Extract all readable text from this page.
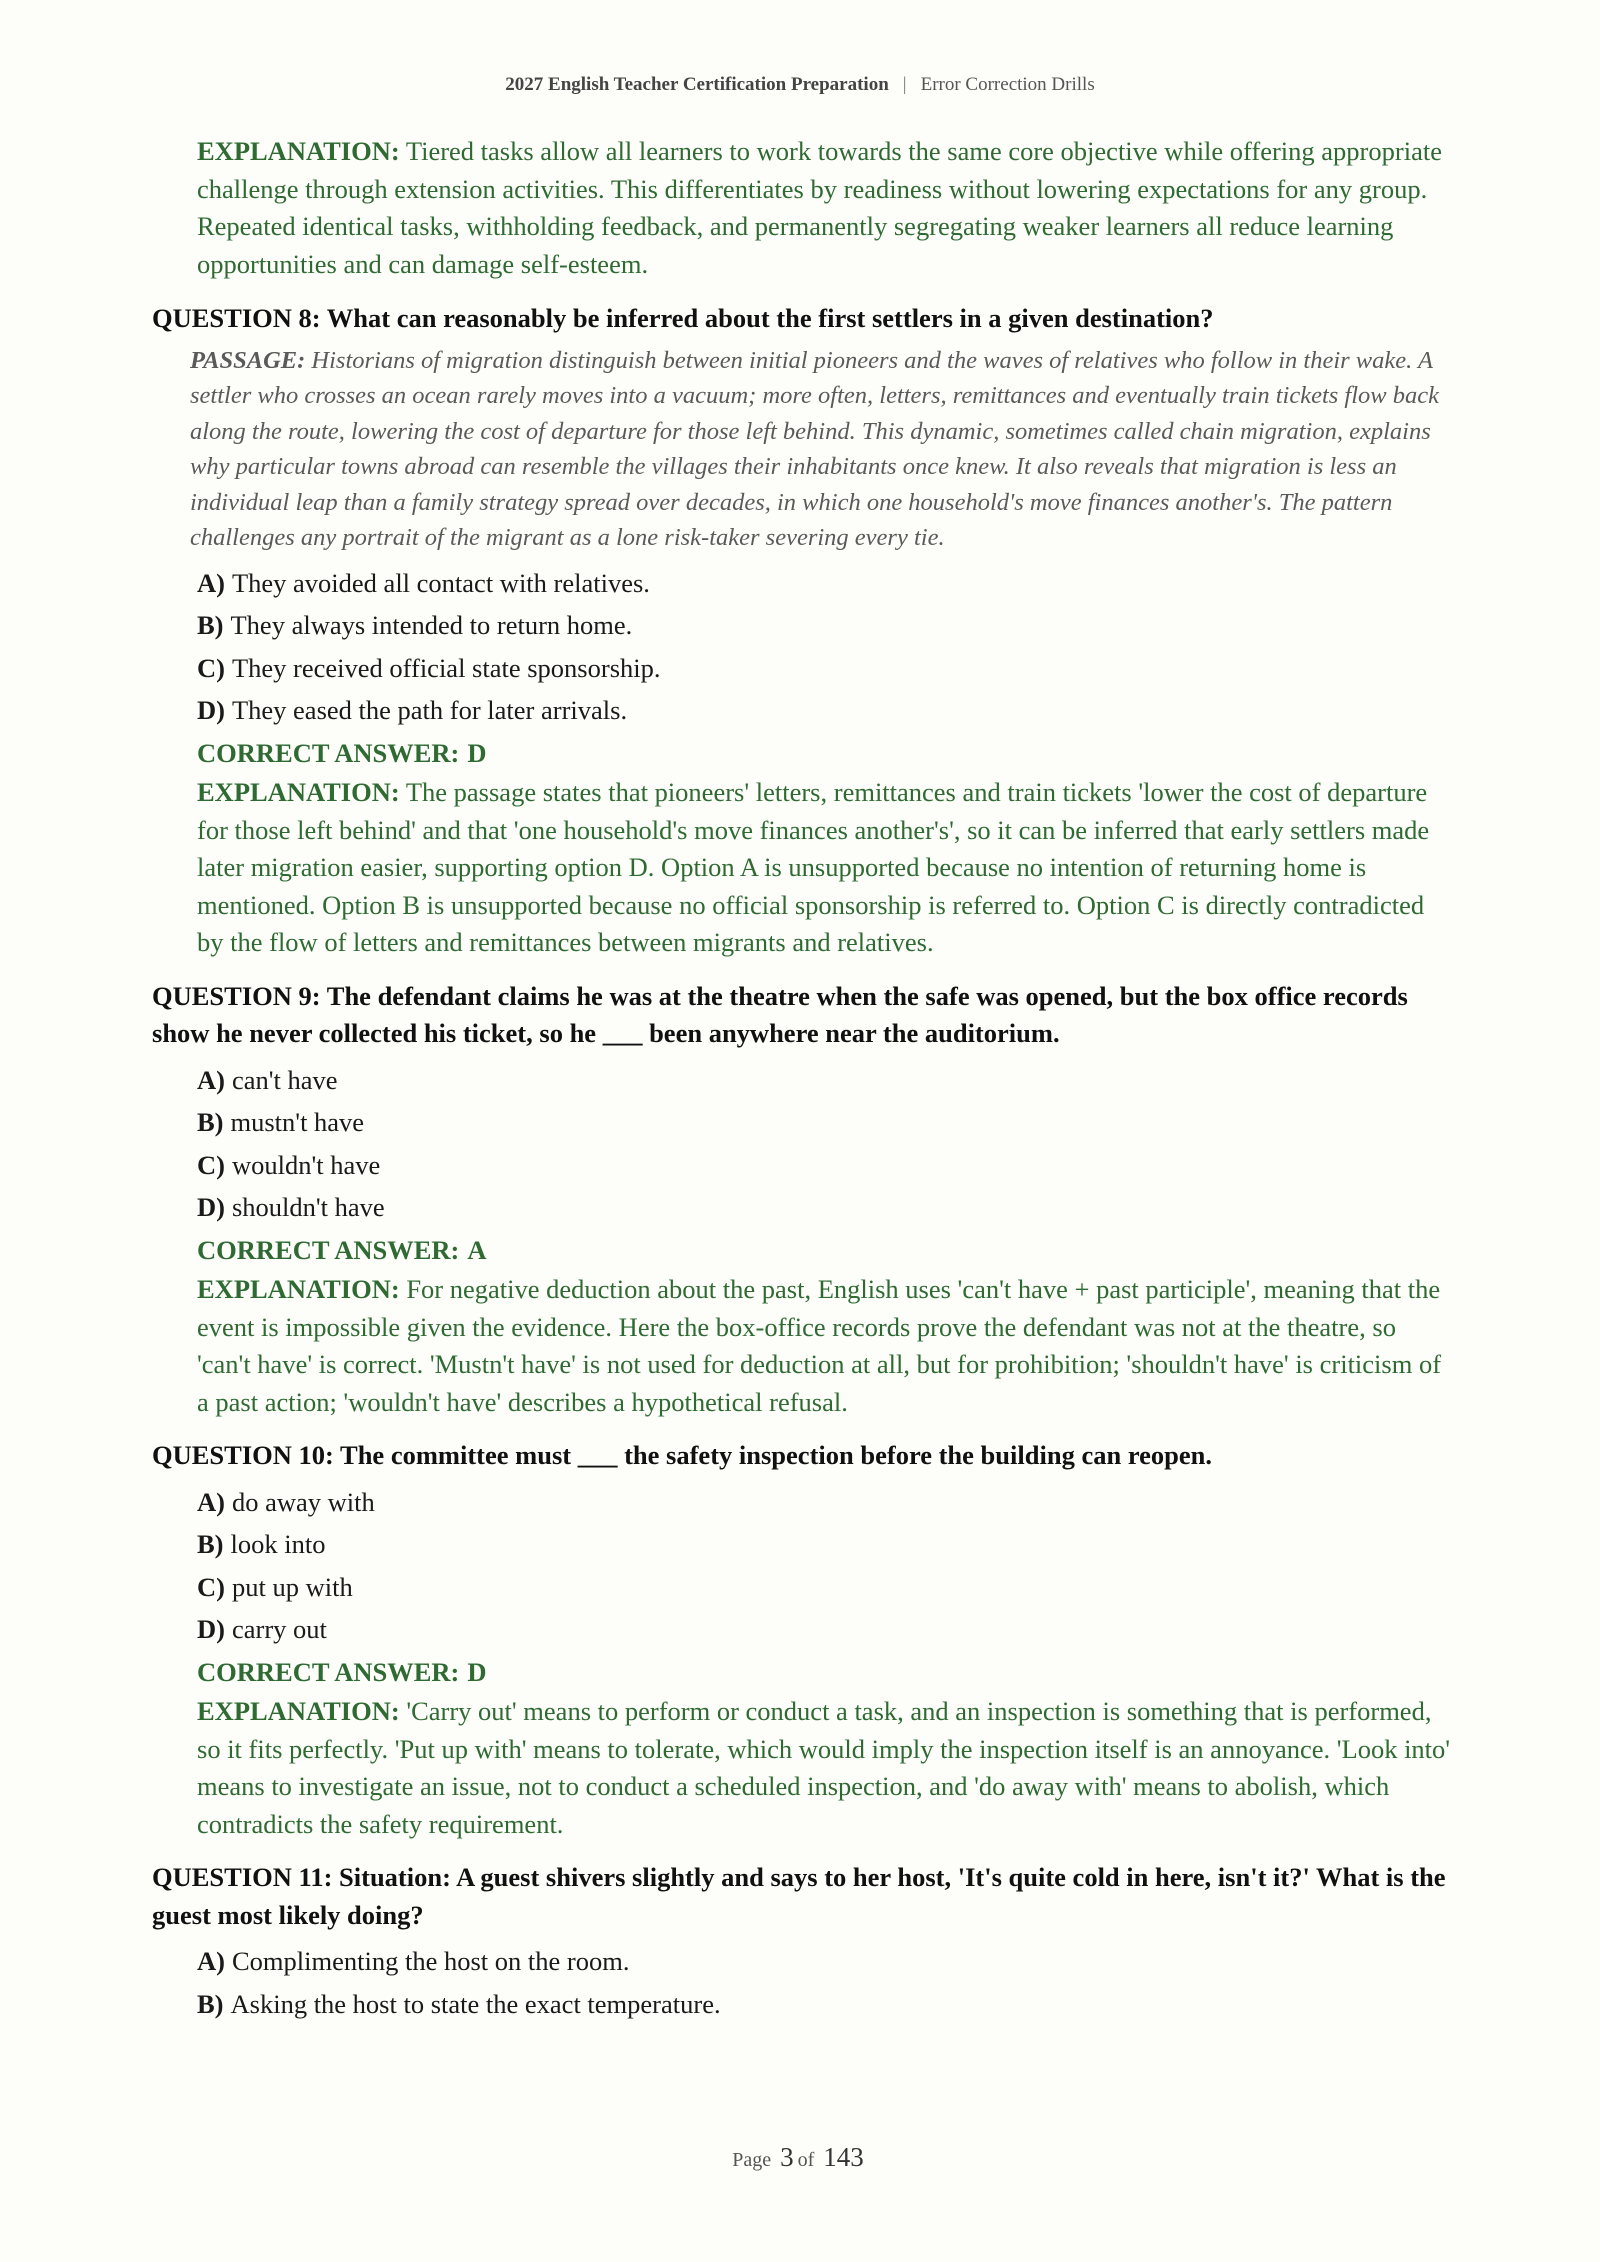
2027 English Teacher Certification Preparation | Error Correction Drills
EXPLANATION: Tiered tasks allow all learners to work towards the same core objective while offering appropriate challenge through extension activities. This differentiates by readiness without lowering expectations for any group. Repeated identical tasks, withholding feedback, and permanently segregating weaker learners all reduce learning opportunities and can damage self-esteem.
QUESTION 8: What can reasonably be inferred about the first settlers in a given destination?
PASSAGE: Historians of migration distinguish between initial pioneers and the waves of relatives who follow in their wake. A settler who crosses an ocean rarely moves into a vacuum; more often, letters, remittances and eventually train tickets flow back along the route, lowering the cost of departure for those left behind. This dynamic, sometimes called chain migration, explains why particular towns abroad can resemble the villages their inhabitants once knew. It also reveals that migration is less an individual leap than a family strategy spread over decades, in which one household's move finances another's. The pattern challenges any portrait of the migrant as a lone risk-taker severing every tie.
A) They avoided all contact with relatives.
B) They always intended to return home.
C) They received official state sponsorship.
D) They eased the path for later arrivals.
CORRECT ANSWER: D
EXPLANATION: The passage states that pioneers' letters, remittances and train tickets 'lower the cost of departure for those left behind' and that 'one household's move finances another's', so it can be inferred that early settlers made later migration easier, supporting option D. Option A is unsupported because no intention of returning home is mentioned. Option B is unsupported because no official sponsorship is referred to. Option C is directly contradicted by the flow of letters and remittances between migrants and relatives.
QUESTION 9: The defendant claims he was at the theatre when the safe was opened, but the box office records show he never collected his ticket, so he ___ been anywhere near the auditorium.
A) can't have
B) mustn't have
C) wouldn't have
D) shouldn't have
CORRECT ANSWER: A
EXPLANATION: For negative deduction about the past, English uses 'can't have + past participle', meaning that the event is impossible given the evidence. Here the box-office records prove the defendant was not at the theatre, so 'can't have' is correct. 'Mustn't have' is not used for deduction at all, but for prohibition; 'shouldn't have' is criticism of a past action; 'wouldn't have' describes a hypothetical refusal.
QUESTION 10: The committee must ___ the safety inspection before the building can reopen.
A) do away with
B) look into
C) put up with
D) carry out
CORRECT ANSWER: D
EXPLANATION: 'Carry out' means to perform or conduct a task, and an inspection is something that is performed, so it fits perfectly. 'Put up with' means to tolerate, which would imply the inspection itself is an annoyance. 'Look into' means to investigate an issue, not to conduct a scheduled inspection, and 'do away with' means to abolish, which contradicts the safety requirement.
QUESTION 11: Situation: A guest shivers slightly and says to her host, 'It's quite cold in here, isn't it?' What is the guest most likely doing?
A) Complimenting the host on the room.
B) Asking the host to state the exact temperature.
Page 3 of 143
